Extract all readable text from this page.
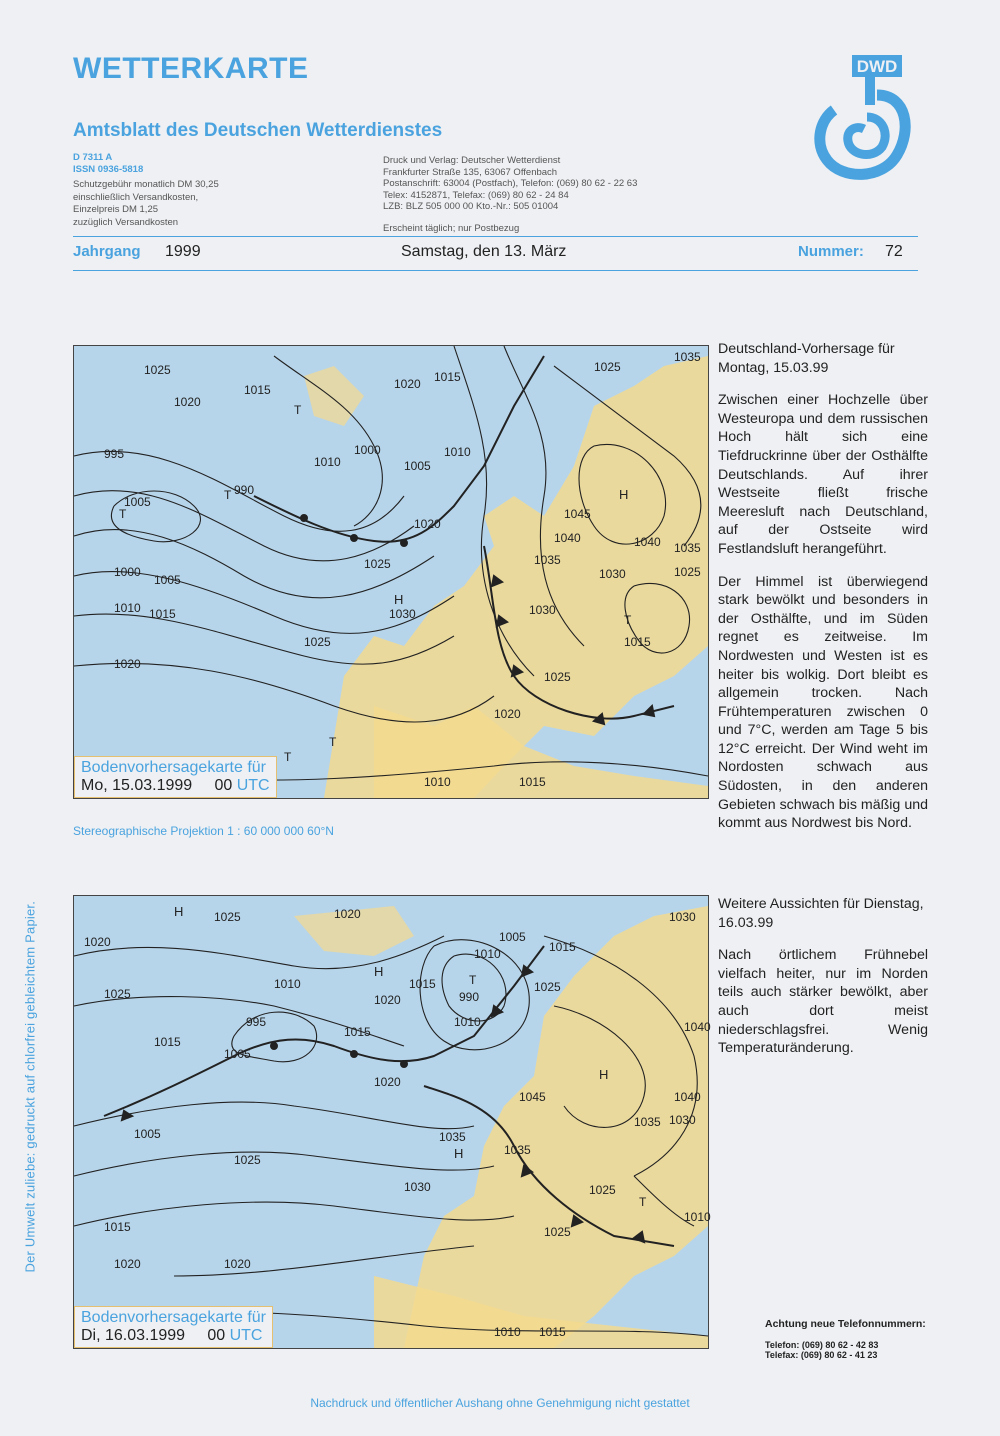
WETTERKARTE
Amtsblatt des Deutschen Wetterdienstes
D 7311 A
ISSN 0936-5818
Schutzgebühr monatlich DM 30,25
einschließlich Versandkosten,
Einzelpreis DM 1,25
zuzüglich Versandkosten
Druck und Verlag: Deutscher Wetterdienst
Frankfurter Straße 135, 63067 Offenbach
Postanschrift: 63004 (Postfach), Telefon: (069) 80 62 - 22 63
Telex: 4152871, Telefax: (069) 80 62 - 24 84
LZB: BLZ 505 000 00 Kto.-Nr.: 505 01004
Erscheint täglich; nur Postbezug
DWD
Jahrgang 1999	Samstag, den 13. März	Nummer: 72
1005
995
990
1020
1015
1010
1000
1005
1010 1015
1025
1020
1020 1015
1010
1005
1000
1020
1025
1030	1030
1035
1040
1045
1040 1035
1030	1025
1025
1035
1015
1025
1020
1010	1015
1025
H
H
T
T
T
T
T
T
Bodenvorhersagekarte für
Mo, 15.03.1999 00 UTC
Stereographische Projektion 1 : 60 000 000 60°N
1025	1020
1020
1025
1010
995
1015
1005
1015
1020
1005
1025
1030
1015
1020	1020
1010
990
1010
1015
1020
1005
1015
1025
1045
1035
1035
1035 1030
1040
1040
1030
1025
1025
1010 1015
1010
H
H
H
H
T
T
Bodenvorhersagekarte für
Di, 16.03.1999 00 UTC

Deutschland-Vorhersage für Montag, 15.03.99

Zwischen einer Hochzelle über Westeuropa und dem russischen Hoch hält sich eine Tiefdruckrinne über der Osthälfte Deutschlands. Auf ihrer Westseite fließt frische Meeresluft nach Deutschland, auf der Ostseite wird Festlandsluft herangeführt.

Der Himmel ist überwiegend stark bewölkt und besonders in der Osthälfte, und im Süden regnet es zeitweise. Im Nordwesten und Westen ist es heiter bis wolkig. Dort bleibt es allgemein trocken. Nach Frühtemperaturen zwischen 0 und 7°C, werden am Tage 5 bis 12°C erreicht. Der Wind weht im Nordosten schwach aus Südosten, in den anderen Gebieten schwach bis mäßig und kommt aus Nordwest bis Nord.

Weitere Aussichten für Dienstag, 16.03.99

Nach örtlichem Frühnebel vielfach heiter, nur im Norden teils auch stärker bewölkt, aber auch dort meist niederschlagsfrei. Wenig Temperaturänderung.

Der Umwelt zuliebe: gedruckt auf chlorfrei gebleichtem Papier.
Achtung neue Telefonnummern:
Telefon: (069) 80 62 - 42 83
Telefax: (069) 80 62 - 41 23
Nachdruck und öffentlicher Aushang ohne Genehmigung nicht gestattet
